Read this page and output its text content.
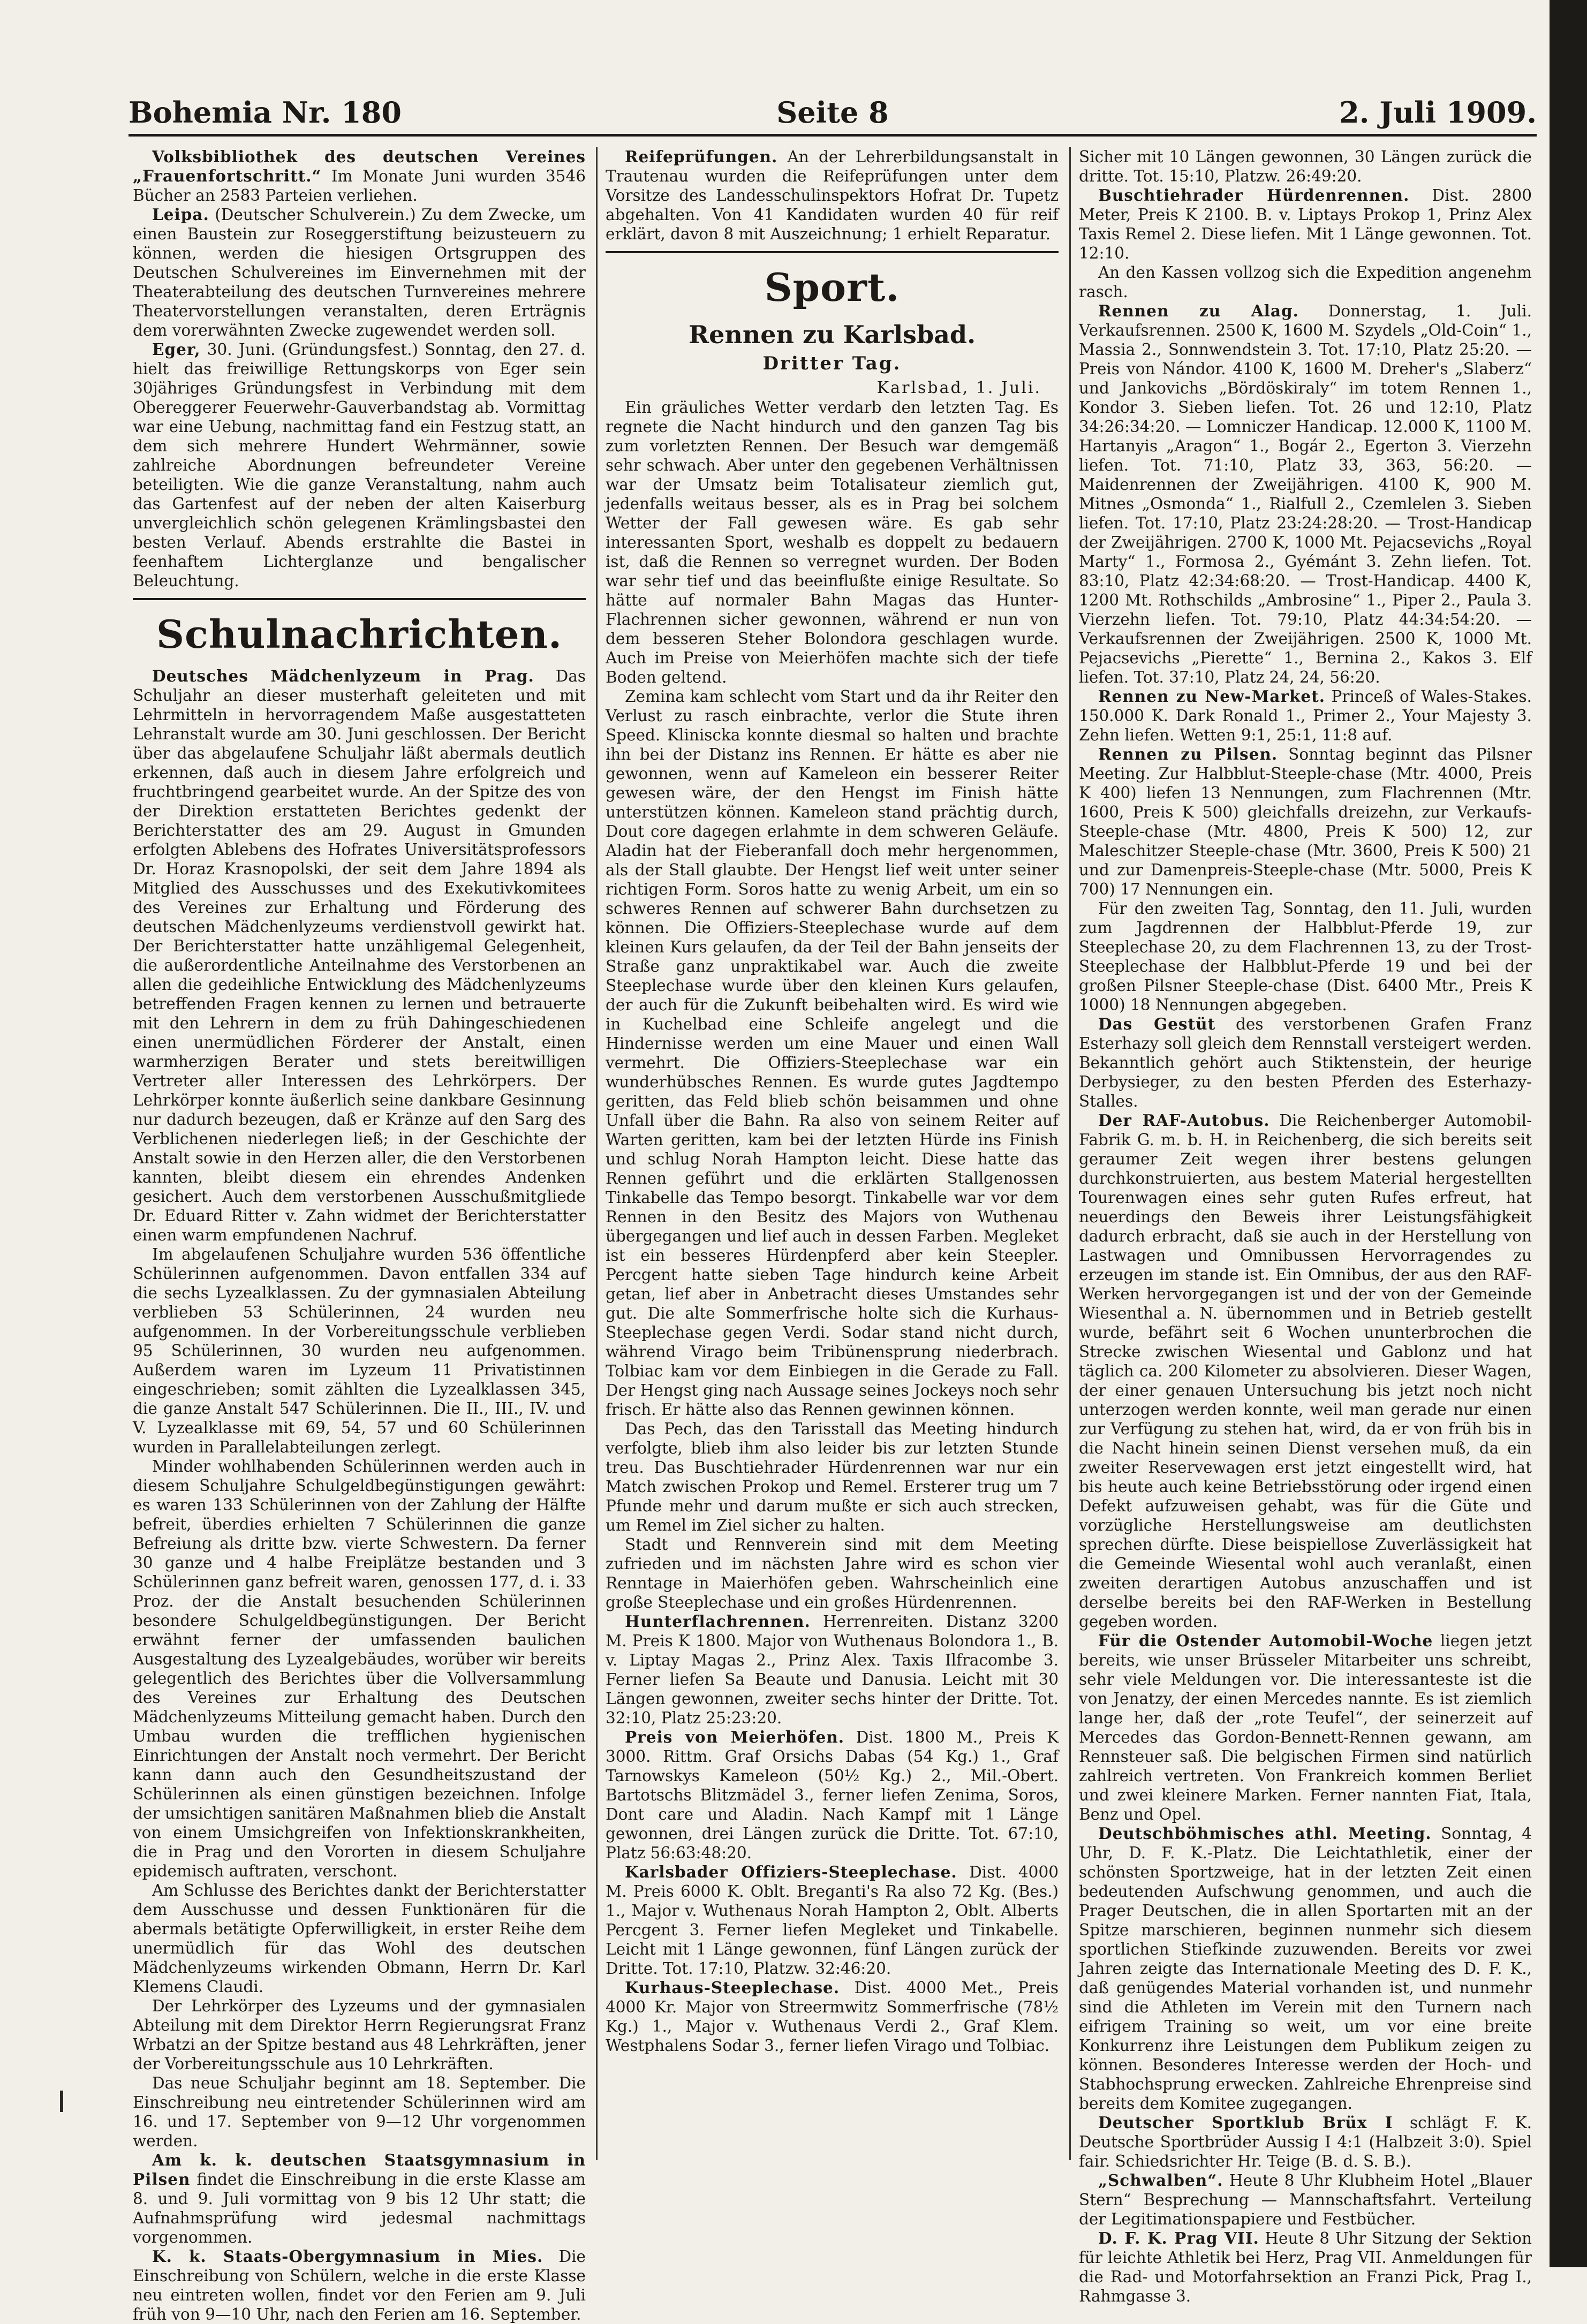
Bohemia Nr. 180	Seite 8	2. Juli 1909.

Volksbibliothek des deutschen Vereines „Frauenfortschritt.“ Im Monate Juni wurden 3546 Bücher an 2583 Parteien verliehen.

Leipa. (Deutscher Schulverein.) Zu dem Zwecke, um einen Baustein zur Roseggerstiftung beizusteuern zu können, werden die hiesigen Ortsgruppen des Deutschen Schulvereines im Einvernehmen mit der Theaterabteilung des deutschen Turnvereines mehrere Theatervorstellungen veranstalten, deren Erträgnis dem vorerwähnten Zwecke zugewendet werden soll.

Eger, 30. Juni. (Gründungsfest.) Sonntag, den 27. d. hielt das freiwillige Rettungskorps von Eger sein 30jähriges Gründungsfest in Verbindung mit dem Obereggerer Feuerwehr-Gauverbandstag ab. Vormittag war eine Uebung, nachmittag fand ein Festzug statt, an dem sich mehrere Hundert Wehrmänner, sowie zahlreiche Abordnungen befreundeter Vereine beteiligten. Wie die ganze Veranstaltung, nahm auch das Gartenfest auf der neben der alten Kaiserburg unvergleichlich schön gelegenen Krämlingsbastei den besten Verlauf. Abends erstrahlte die Bastei in feenhaftem Lichterglanze und bengalischer Beleuchtung.

Schulnachrichten.

Deutsches Mädchenlyzeum in Prag. Das Schuljahr an dieser musterhaft geleiteten und mit Lehrmitteln in hervorragendem Maße ausgestatteten Lehranstalt wurde am 30. Juni geschlossen. Der Bericht über das abgelaufene Schuljahr läßt abermals deutlich erkennen, daß auch in diesem Jahre erfolgreich und fruchtbringend gearbeitet wurde. An der Spitze des von der Direktion erstatteten Berichtes gedenkt der Berichterstatter des am 29. August in Gmunden erfolgten Ablebens des Hofrates Universitätsprofessors Dr. Horaz Krasnopolski, der seit dem Jahre 1894 als Mitglied des Ausschusses und des Exekutivkomitees des Vereines zur Erhaltung und Förderung des deutschen Mädchenlyzeums verdienstvoll gewirkt hat. Der Berichterstatter hatte unzähligemal Gelegenheit, die außerordentliche Anteilnahme des Verstorbenen an allen die gedeihliche Entwicklung des Mädchenlyzeums betreffenden Fragen kennen zu lernen und betrauerte mit den Lehrern in dem zu früh Dahingeschiedenen einen unermüdlichen Förderer der Anstalt, einen warmherzigen Berater und stets bereitwilligen Vertreter aller Interessen des Lehrkörpers. Der Lehrkörper konnte äußerlich seine dankbare Gesinnung nur dadurch bezeugen, daß er Kränze auf den Sarg des Verblichenen niederlegen ließ; in der Geschichte der Anstalt sowie in den Herzen aller, die den Verstorbenen kannten, bleibt diesem ein ehrendes Andenken gesichert. Auch dem verstorbenen Ausschußmitgliede Dr. Eduard Ritter v. Zahn widmet der Berichterstatter einen warm empfundenen Nachruf.

Im abgelaufenen Schuljahre wurden 536 öffentliche Schülerinnen aufgenommen. Davon entfallen 334 auf die sechs Lyzealklassen. Zu der gymnasialen Abteilung verblieben 53 Schülerinnen, 24 wurden neu aufgenommen. In der Vorbereitungsschule verblieben 95 Schülerinnen, 30 wurden neu aufgenommen. Außerdem waren im Lyzeum 11 Privatistinnen eingeschrieben; somit zählten die Lyzealklassen 345, die ganze Anstalt 547 Schülerinnen. Die II., III., IV. und V. Lyzealklasse mit 69, 54, 57 und 60 Schülerinnen wurden in Parallelabteilungen zerlegt.

Minder wohlhabenden Schülerinnen werden auch in diesem Schuljahre Schulgeldbegünstigungen gewährt: es waren 133 Schülerinnen von der Zahlung der Hälfte befreit, überdies erhielten 7 Schülerinnen die ganze Befreiung als dritte bzw. vierte Schwestern. Da ferner 30 ganze und 4 halbe Freiplätze bestanden und 3 Schülerinnen ganz befreit waren, genossen 177, d. i. 33 Proz. der die Anstalt besuchenden Schülerinnen besondere Schulgeldbegünstigungen. Der Bericht erwähnt ferner der umfassenden baulichen Ausgestaltung des Lyzealgebäudes, worüber wir bereits gelegentlich des Berichtes über die Vollversammlung des Vereines zur Erhaltung des Deutschen Mädchenlyzeums Mitteilung gemacht haben. Durch den Umbau wurden die trefflichen hygienischen Einrichtungen der Anstalt noch vermehrt. Der Bericht kann dann auch den Gesundheitszustand der Schülerinnen als einen günstigen bezeichnen. Infolge der umsichtigen sanitären Maßnahmen blieb die Anstalt von einem Umsichgreifen von Infektionskrankheiten, die in Prag und den Vororten in diesem Schuljahre epidemisch auftraten, verschont.

Am Schlusse des Berichtes dankt der Berichterstatter dem Ausschusse und dessen Funktionären für die abermals betätigte Opferwilligkeit, in erster Reihe dem unermüdlich für das Wohl des deutschen Mädchenlyzeums wirkenden Obmann, Herrn Dr. Karl Klemens Claudi.

Der Lehrkörper des Lyzeums und der gymnasialen Abteilung mit dem Direktor Herrn Regierungsrat Franz Wrbatzi an der Spitze bestand aus 48 Lehrkräften, jener der Vorbereitungsschule aus 10 Lehrkräften.

Das neue Schuljahr beginnt am 18. September. Die Einschreibung neu eintretender Schülerinnen wird am 16. und 17. September von 9—12 Uhr vorgenommen werden.

Am k. k. deutschen Staatsgymnasium in Pilsen findet die Einschreibung in die erste Klasse am 8. und 9. Juli vormittag von 9 bis 12 Uhr statt; die Aufnahmsprüfung wird jedesmal nachmittags vorgenommen.

K. k. Staats-Obergymnasium in Mies. Die Einschreibung von Schülern, welche in die erste Klasse neu eintreten wollen, findet vor den Ferien am 9. Juli früh von 9—10 Uhr, nach den Ferien am 16. September.

Reifeprüfungen. An der Lehrerbildungsanstalt in Trautenau wurden die Reifeprüfungen unter dem Vorsitze des Landesschulinspektors Hofrat Dr. Tupetz abgehalten. Von 41 Kandidaten wurden 40 für reif erklärt, davon 8 mit Auszeichnung; 1 erhielt Reparatur.

Sport.
Rennen zu Karlsbad.
Dritter Tag.
Karlsbad, 1. Juli.

Ein gräuliches Wetter verdarb den letzten Tag. Es regnete die Nacht hindurch und den ganzen Tag bis zum vorletzten Rennen. Der Besuch war demgemäß sehr schwach. Aber unter den gegebenen Verhältnissen war der Umsatz beim Totalisateur ziemlich gut, jedenfalls weitaus besser, als es in Prag bei solchem Wetter der Fall gewesen wäre. Es gab sehr interessanten Sport, weshalb es doppelt zu bedauern ist, daß die Rennen so verregnet wurden. Der Boden war sehr tief und das beeinflußte einige Resultate. So hätte auf normaler Bahn Magas das Hunter-Flachrennen sicher gewonnen, während er nun von dem besseren Steher Bolondora geschlagen wurde. Auch im Preise von Meierhöfen machte sich der tiefe Boden geltend.

Zemina kam schlecht vom Start und da ihr Reiter den Verlust zu rasch einbrachte, verlor die Stute ihren Speed. Kliniscka konnte diesmal so halten und brachte ihn bei der Distanz ins Rennen. Er hätte es aber nie gewonnen, wenn auf Kameleon ein besserer Reiter gewesen wäre, der den Hengst im Finish hätte unterstützen können. Kameleon stand prächtig durch, Dout core dagegen erlahmte in dem schweren Geläufe. Aladin hat der Fieberanfall doch mehr hergenommen, als der Stall glaubte. Der Hengst lief weit unter seiner richtigen Form. Soros hatte zu wenig Arbeit, um ein so schweres Rennen auf schwerer Bahn durchsetzen zu können. Die Offiziers-Steeplechase wurde auf dem kleinen Kurs gelaufen, da der Teil der Bahn jenseits der Straße ganz unpraktikabel war. Auch die zweite Steeplechase wurde über den kleinen Kurs gelaufen, der auch für die Zukunft beibehalten wird. Es wird wie in Kuchelbad eine Schleife angelegt und die Hindernisse werden um eine Mauer und einen Wall vermehrt. Die Offiziers-Steeplechase war ein wunderhübsches Rennen. Es wurde gutes Jagdtempo geritten, das Feld blieb schön beisammen und ohne Unfall über die Bahn. Ra also von seinem Reiter auf Warten geritten, kam bei der letzten Hürde ins Finish und schlug Norah Hampton leicht. Diese hatte das Rennen geführt und die erklärten Stallgenossen Tinkabelle das Tempo besorgt. Tinkabelle war vor dem Rennen in den Besitz des Majors von Wuthenau übergegangen und lief auch in dessen Farben. Megleket ist ein besseres Hürdenpferd aber kein Steepler. Percgent hatte sieben Tage hindurch keine Arbeit getan, lief aber in Anbetracht dieses Umstandes sehr gut. Die alte Sommerfrische holte sich die Kurhaus-Steeplechase gegen Verdi. Sodar stand nicht durch, während Virago beim Tribünensprung niederbrach. Tolbiac kam vor dem Einbiegen in die Gerade zu Fall. Der Hengst ging nach Aussage seines Jockeys noch sehr frisch. Er hätte also das Rennen gewinnen können.

Das Pech, das den Tarisstall das Meeting hindurch verfolgte, blieb ihm also leider bis zur letzten Stunde treu. Das Buschtiehrader Hürdenrennen war nur ein Match zwischen Prokop und Remel. Ersterer trug um 7 Pfunde mehr und darum mußte er sich auch strecken, um Remel im Ziel sicher zu halten.

Stadt und Rennverein sind mit dem Meeting zufrieden und im nächsten Jahre wird es schon vier Renntage in Maierhöfen geben. Wahrscheinlich eine große Steeplechase und ein großes Hürdenrennen.

Hunterflachrennen. Herrenreiten. Distanz 3200 M. Preis K 1800. Major von Wuthenaus Bolondora 1., B. v. Liptay Magas 2., Prinz Alex. Taxis Ilfracombe 3. Ferner liefen Sa Beaute und Danusia. Leicht mit 30 Längen gewonnen, zweiter sechs hinter der Dritte. Tot. 32:10, Platz 25:23:20.

Preis von Meierhöfen. Dist. 1800 M., Preis K 3000. Rittm. Graf Orsichs Dabas (54 Kg.) 1., Graf Tarnowskys Kameleon (50½ Kg.) 2., Mil.-Obert. Bartotschs Blitzmädel 3., ferner liefen Zenima, Soros, Dont care und Aladin. Nach Kampf mit 1 Länge gewonnen, drei Längen zurück die Dritte. Tot. 67:10, Platz 56:63:48:20.

Karlsbader Offiziers-Steeplechase. Dist. 4000 M. Preis 6000 K. Oblt. Breganti's Ra also 72 Kg. (Bes.) 1., Major v. Wuthenaus Norah Hampton 2, Oblt. Alberts Percgent 3. Ferner liefen Megleket und Tinkabelle. Leicht mit 1 Länge gewonnen, fünf Längen zurück der Dritte. Tot. 17:10, Platzw. 32:46:20.

Kurhaus-Steeplechase. Dist. 4000 Met., Preis 4000 Kr. Major von Streermwitz Sommerfrische (78½ Kg.) 1., Major v. Wuthenaus Verdi 2., Graf Klem. Westphalens Sodar 3., ferner liefen Virago und Tolbiac.

Sicher mit 10 Längen gewonnen, 30 Längen zurück die dritte. Tot. 15:10, Platzw. 26:49:20.

Buschtiehrader Hürdenrennen. Dist. 2800 Meter, Preis K 2100. B. v. Liptays Prokop 1, Prinz Alex Taxis Remel 2. Diese liefen. Mit 1 Länge gewonnen. Tot. 12:10.

An den Kassen vollzog sich die Expedition angenehm rasch.

Rennen zu Alag. Donnerstag, 1. Juli. Verkaufsrennen. 2500 K, 1600 M. Szydels „Old-Coin“ 1., Massia 2., Sonnwendstein 3. Tot. 17:10, Platz 25:20. — Preis von Nándor. 4100 K, 1600 M. Dreher's „Slaberz“ und Jankovichs „Bördöskiraly“ im totem Rennen 1., Kondor 3. Sieben liefen. Tot. 26 und 12:10, Platz 34:26:34:20. — Lomniczer Handicap. 12.000 K, 1100 M. Hartanyis „Aragon“ 1., Bogár 2., Egerton 3. Vierzehn liefen. Tot. 71:10, Platz 33, 363, 56:20. — Maidenrennen der Zweijährigen. 4100 K, 900 M. Mitnes „Osmonda“ 1., Rialfull 2., Czemlelen 3. Sieben liefen. Tot. 17:10, Platz 23:24:28:20. — Trost-Handicap der Zweijährigen. 2700 K, 1000 Mt. Pejacsevichs „Royal Marty“ 1., Formosa 2., Gyémánt 3. Zehn liefen. Tot. 83:10, Platz 42:34:68:20. — Trost-Handicap. 4400 K, 1200 Mt. Rothschilds „Ambrosine“ 1., Piper 2., Paula 3. Vierzehn liefen. Tot. 79:10, Platz 44:34:54:20. — Verkaufsrennen der Zweijährigen. 2500 K, 1000 Mt. Pejacsevichs „Pierette“ 1., Bernina 2., Kakos 3. Elf liefen. Tot. 37:10, Platz 24, 24, 56:20.

Rennen zu New-Market. Princeß of Wales-Stakes. 150.000 K. Dark Ronald 1., Primer 2., Your Majesty 3. Zehn liefen. Wetten 9:1, 25:1, 11:8 auf.

Rennen zu Pilsen. Sonntag beginnt das Pilsner Meeting. Zur Halbblut-Steeple-chase (Mtr. 4000, Preis K 400) liefen 13 Nennungen, zum Flachrennen (Mtr. 1600, Preis K 500) gleichfalls dreizehn, zur Verkaufs-Steeple-chase (Mtr. 4800, Preis K 500) 12, zur Maleschitzer Steeple-chase (Mtr. 3600, Preis K 500) 21 und zur Damenpreis-Steeple-chase (Mtr. 5000, Preis K 700) 17 Nennungen ein.

Für den zweiten Tag, Sonntag, den 11. Juli, wurden zum Jagdrennen der Halbblut-Pferde 19, zur Steeplechase 20, zu dem Flachrennen 13, zu der Trost-Steeplechase der Halbblut-Pferde 19 und bei der großen Pilsner Steeple-chase (Dist. 6400 Mtr., Preis K 1000) 18 Nennungen abgegeben.

Das Gestüt des verstorbenen Grafen Franz Esterhazy soll gleich dem Rennstall versteigert werden. Bekanntlich gehört auch Stiktenstein, der heurige Derbysieger, zu den besten Pferden des Esterhazy-Stalles.

Der RAF-Autobus. Die Reichenberger Automobil-Fabrik G. m. b. H. in Reichenberg, die sich bereits seit geraumer Zeit wegen ihrer bestens gelungen durchkonstruierten, aus bestem Material hergestellten Tourenwagen eines sehr guten Rufes erfreut, hat neuerdings den Beweis ihrer Leistungsfähigkeit dadurch erbracht, daß sie auch in der Herstellung von Lastwagen und Omnibussen Hervorragendes zu erzeugen im stande ist. Ein Omnibus, der aus den RAF-Werken hervorgegangen ist und der von der Gemeinde Wiesenthal a. N. übernommen und in Betrieb gestellt wurde, befährt seit 6 Wochen ununterbrochen die Strecke zwischen Wiesental und Gablonz und hat täglich ca. 200 Kilometer zu absolvieren. Dieser Wagen, der einer genauen Untersuchung bis jetzt noch nicht unterzogen werden konnte, weil man gerade nur einen zur Verfügung zu stehen hat, wird, da er von früh bis in die Nacht hinein seinen Dienst versehen muß, da ein zweiter Reservewagen erst jetzt eingestellt wird, hat bis heute auch keine Betriebsstörung oder irgend einen Defekt aufzuweisen gehabt, was für die Güte und vorzügliche Herstellungsweise am deutlichsten sprechen dürfte. Diese beispiellose Zuverlässigkeit hat die Gemeinde Wiesental wohl auch veranlaßt, einen zweiten derartigen Autobus anzuschaffen und ist derselbe bereits bei den RAF-Werken in Bestellung gegeben worden.

Für die Ostender Automobil-Woche liegen jetzt bereits, wie unser Brüsseler Mitarbeiter uns schreibt, sehr viele Meldungen vor. Die interessanteste ist die von Jenatzy, der einen Mercedes nannte. Es ist ziemlich lange her, daß der „rote Teufel“, der seinerzeit auf Mercedes das Gordon-Bennett-Rennen gewann, am Rennsteuer saß. Die belgischen Firmen sind natürlich zahlreich vertreten. Von Frankreich kommen Berliet und zwei kleinere Marken. Ferner nannten Fiat, Itala, Benz und Opel.

Deutschböhmisches athl. Meeting. Sonntag, 4 Uhr, D. F. K.-Platz. Die Leichtathletik, einer der schönsten Sportzweige, hat in der letzten Zeit einen bedeutenden Aufschwung genommen, und auch die Prager Deutschen, die in allen Sportarten mit an der Spitze marschieren, beginnen nunmehr sich diesem sportlichen Stiefkinde zuzuwenden. Bereits vor zwei Jahren zeigte das Internationale Meeting des D. F. K., daß genügendes Material vorhanden ist, und nunmehr sind die Athleten im Verein mit den Turnern nach eifrigem Training so weit, um vor eine breite Konkurrenz ihre Leistungen dem Publikum zeigen zu können. Besonderes Interesse werden der Hoch- und Stabhochsprung erwecken. Zahlreiche Ehrenpreise sind bereits dem Komitee zugegangen.

Deutscher Sportklub Brüx I schlägt F. K. Deutsche Sportbrüder Aussig I 4:1 (Halbzeit 3:0). Spiel fair. Schiedsrichter Hr. Teige (B. d. S. B.).

„Schwalben“. Heute 8 Uhr Klubheim Hotel „Blauer Stern“ Besprechung — Mannschaftsfahrt. Verteilung der Legitimationspapiere und Festbücher.

D. F. K. Prag VII. Heute 8 Uhr Sitzung der Sektion für leichte Athletik bei Herz, Prag VII. Anmeldungen für die Rad- und Motorfahrsektion an Franzi Pick, Prag I., Rahmgasse 3.
